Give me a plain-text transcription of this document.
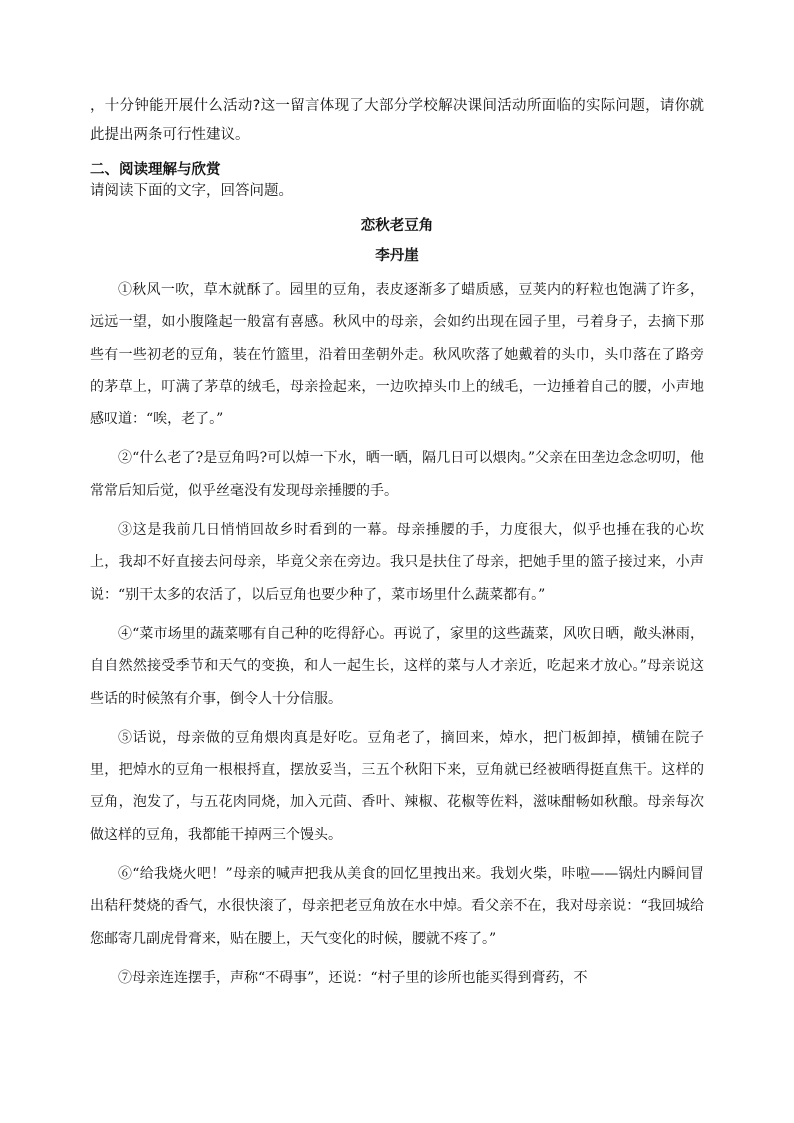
，十分钟能开展什么活动?这一留言体现了大部分学校解决课间活动所面临的实际问题，请你就此提出两条可行性建议。

二、阅读理解与欣赏
请阅读下面的文字，回答问题。
恋秋老豆角
李丹崖

①秋风一吹，草木就酥了。园里的豆角，表皮逐渐多了蜡质感，豆荚内的籽粒也饱满了许多，远远一望，如小腹隆起一般富有喜感。秋风中的母亲，会如约出现在园子里，弓着身子，去摘下那些有一些初老的豆角，装在竹篮里，沿着田垄朝外走。秋风吹落了她戴着的头巾，头巾落在了路旁的茅草上，叮满了茅草的绒毛，母亲捡起来，一边吹掉头巾上的绒毛，一边捶着自己的腰，小声地感叹道：“唉，老了。”

②“什么老了?是豆角吗?可以焯一下水，晒一晒，隔几日可以煨肉。”父亲在田垄边念念叨叨，他常常后知后觉，似乎丝毫没有发现母亲捶腰的手。

③这是我前几日悄悄回故乡时看到的一幕。母亲捶腰的手，力度很大，似乎也捶在我的心坎上，我却不好直接去问母亲，毕竟父亲在旁边。我只是扶住了母亲，把她手里的篮子接过来，小声说：“别干太多的农活了，以后豆角也要少种了，菜市场里什么蔬菜都有。”

④“菜市场里的蔬菜哪有自己种的吃得舒心。再说了，家里的这些蔬菜，风吹日晒，敞头淋雨，自自然然接受季节和天气的变换，和人一起生长，这样的菜与人才亲近，吃起来才放心。”母亲说这些话的时候煞有介事，倒令人十分信服。

⑤话说，母亲做的豆角煨肉真是好吃。豆角老了，摘回来，焯水，把门板卸掉，横铺在院子里，把焯水的豆角一根根捋直，摆放妥当，三五个秋阳下来，豆角就已经被晒得挺直焦干。这样的豆角，泡发了，与五花肉同烧，加入元茴、香叶、辣椒、花椒等佐料，滋味酣畅如秋酿。母亲每次做这样的豆角，我都能干掉两三个馒头。

⑥“给我烧火吧！”母亲的喊声把我从美食的回忆里拽出来。我划火柴，咔啦——锅灶内瞬间冒出秸秆焚烧的香气，水很快滚了，母亲把老豆角放在水中焯。看父亲不在，我对母亲说：“我回城给您邮寄几副虎骨膏来，贴在腰上，天气变化的时候，腰就不疼了。”

⑦母亲连连摆手，声称“不碍事”，还说：“村子里的诊所也能买得到膏药，不
